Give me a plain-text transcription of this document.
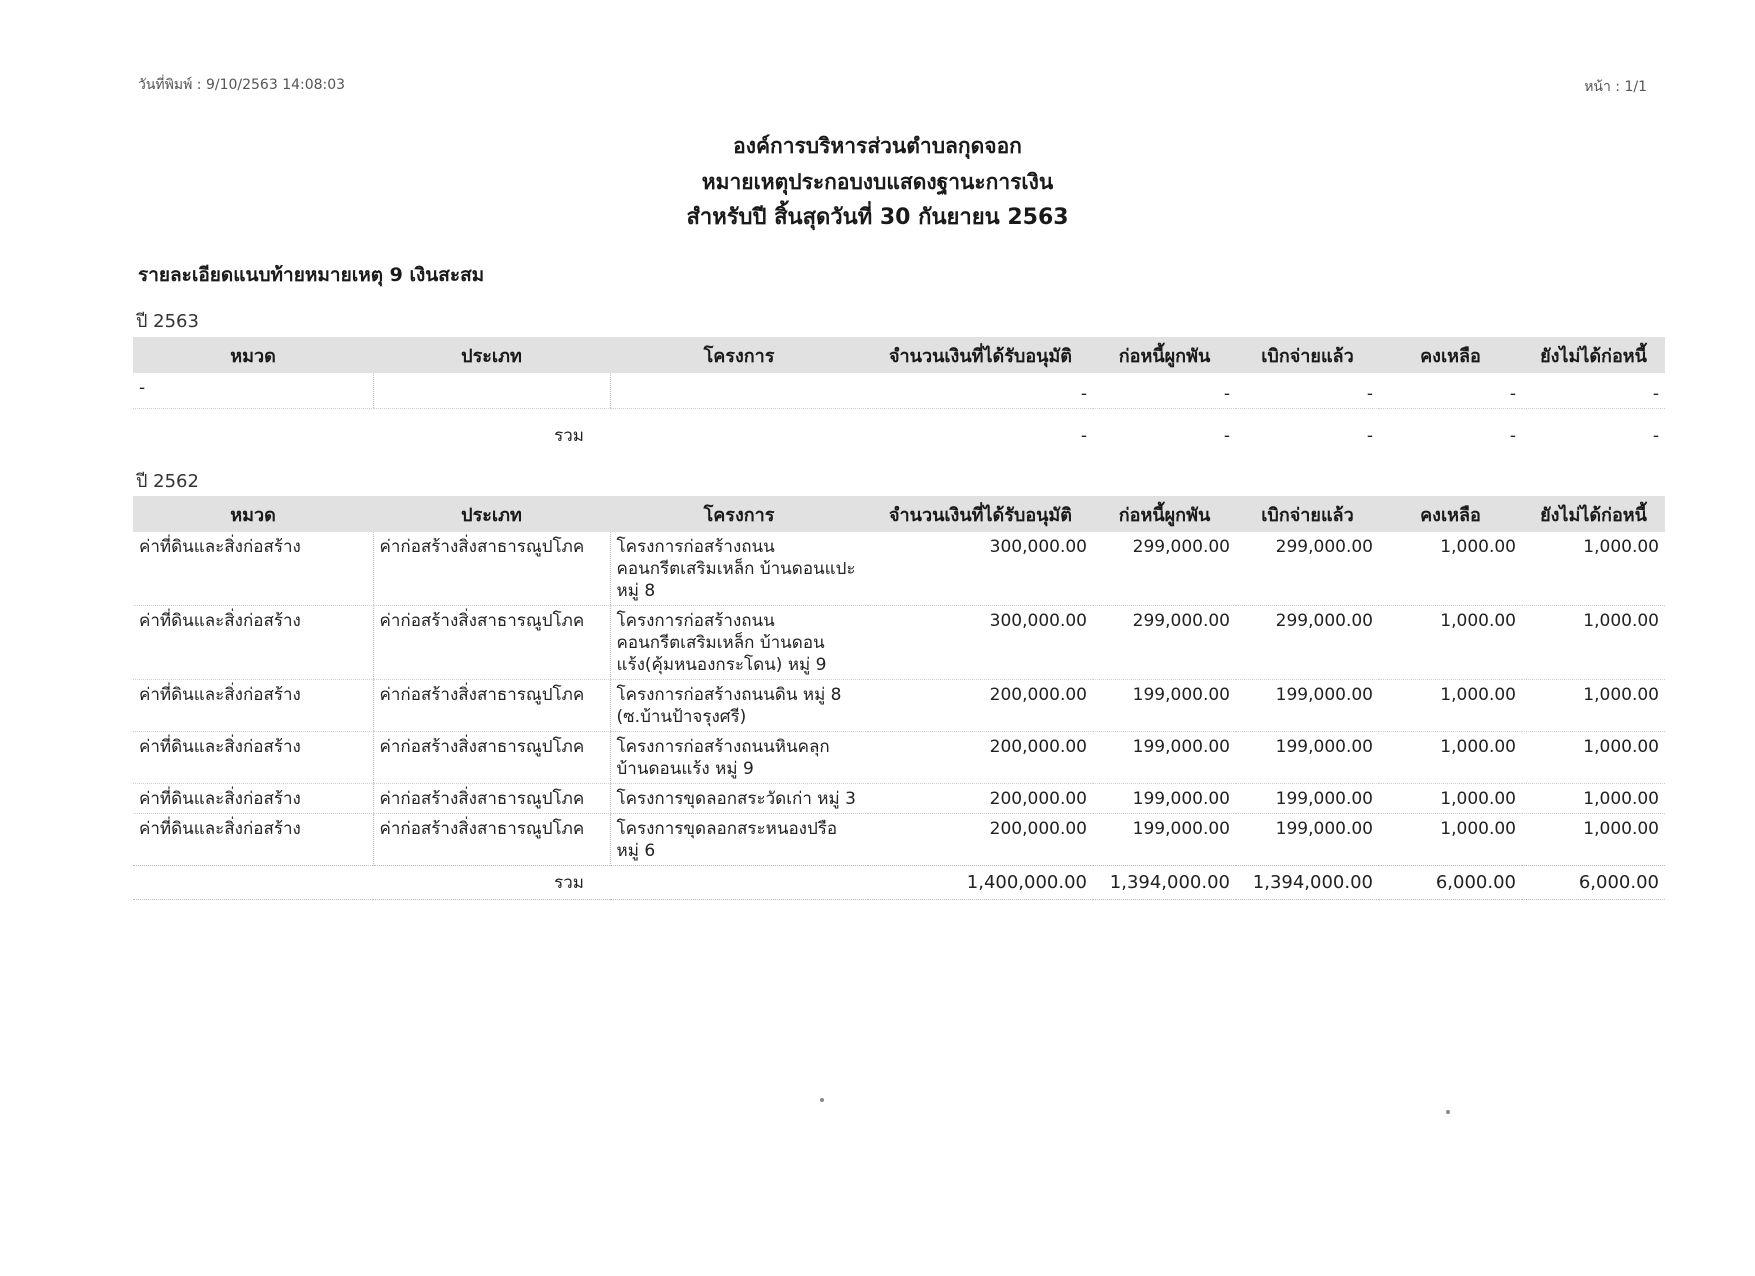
วันที่พิมพ์ : 9/10/2563 14:08:03	หน้า : 1/1
องค์การบริหารส่วนตำบลกุดจอก
หมายเหตุประกอบงบแสดงฐานะการเงิน
สำหรับปี สิ้นสุดวันที่ 30 กันยายน 2563
รายละเอียดแนบท้ายหมายเหตุ 9 เงินสะสม
ปี 2563
หมวด	ประเภท	โครงการ	จำนวนเงินที่ได้รับอนุมัติ	ก่อหนี้ผูกพัน	เบิกจ่ายแล้ว	คงเหลือ	ยังไม่ได้ก่อหนี้
-			-	-	-	-	-
	รวม		-	-	-	-	-
ปี 2562
หมวด	ประเภท	โครงการ	จำนวนเงินที่ได้รับอนุมัติ	ก่อหนี้ผูกพัน	เบิกจ่ายแล้ว	คงเหลือ	ยังไม่ได้ก่อหนี้
ค่าที่ดินและสิ่งก่อสร้าง	ค่าก่อสร้างสิ่งสาธารณูปโภค	โครงการก่อสร้างถนนคอนกรีตเสริมเหล็ก บ้านดอนแปะ หมู่ 8	300,000.00	299,000.00	299,000.00	1,000.00	1,000.00
ค่าที่ดินและสิ่งก่อสร้าง	ค่าก่อสร้างสิ่งสาธารณูปโภค	โครงการก่อสร้างถนนคอนกรีตเสริมเหล็ก บ้านดอนแร้ง(คุ้มหนองกระโดน) หมู่ 9	300,000.00	299,000.00	299,000.00	1,000.00	1,000.00
ค่าที่ดินและสิ่งก่อสร้าง	ค่าก่อสร้างสิ่งสาธารณูปโภค	โครงการก่อสร้างถนนดิน หมู่ 8 (ซ.บ้านป้าจรุงศรี)	200,000.00	199,000.00	199,000.00	1,000.00	1,000.00
ค่าที่ดินและสิ่งก่อสร้าง	ค่าก่อสร้างสิ่งสาธารณูปโภค	โครงการก่อสร้างถนนหินคลุก บ้านดอนแร้ง หมู่ 9	200,000.00	199,000.00	199,000.00	1,000.00	1,000.00
ค่าที่ดินและสิ่งก่อสร้าง	ค่าก่อสร้างสิ่งสาธารณูปโภค	โครงการขุดลอกสระวัดเก่า หมู่ 3	200,000.00	199,000.00	199,000.00	1,000.00	1,000.00
ค่าที่ดินและสิ่งก่อสร้าง	ค่าก่อสร้างสิ่งสาธารณูปโภค	โครงการขุดลอกสระหนองปรือ หมู่ 6	200,000.00	199,000.00	199,000.00	1,000.00	1,000.00
	รวม		1,400,000.00	1,394,000.00	1,394,000.00	6,000.00	6,000.00
